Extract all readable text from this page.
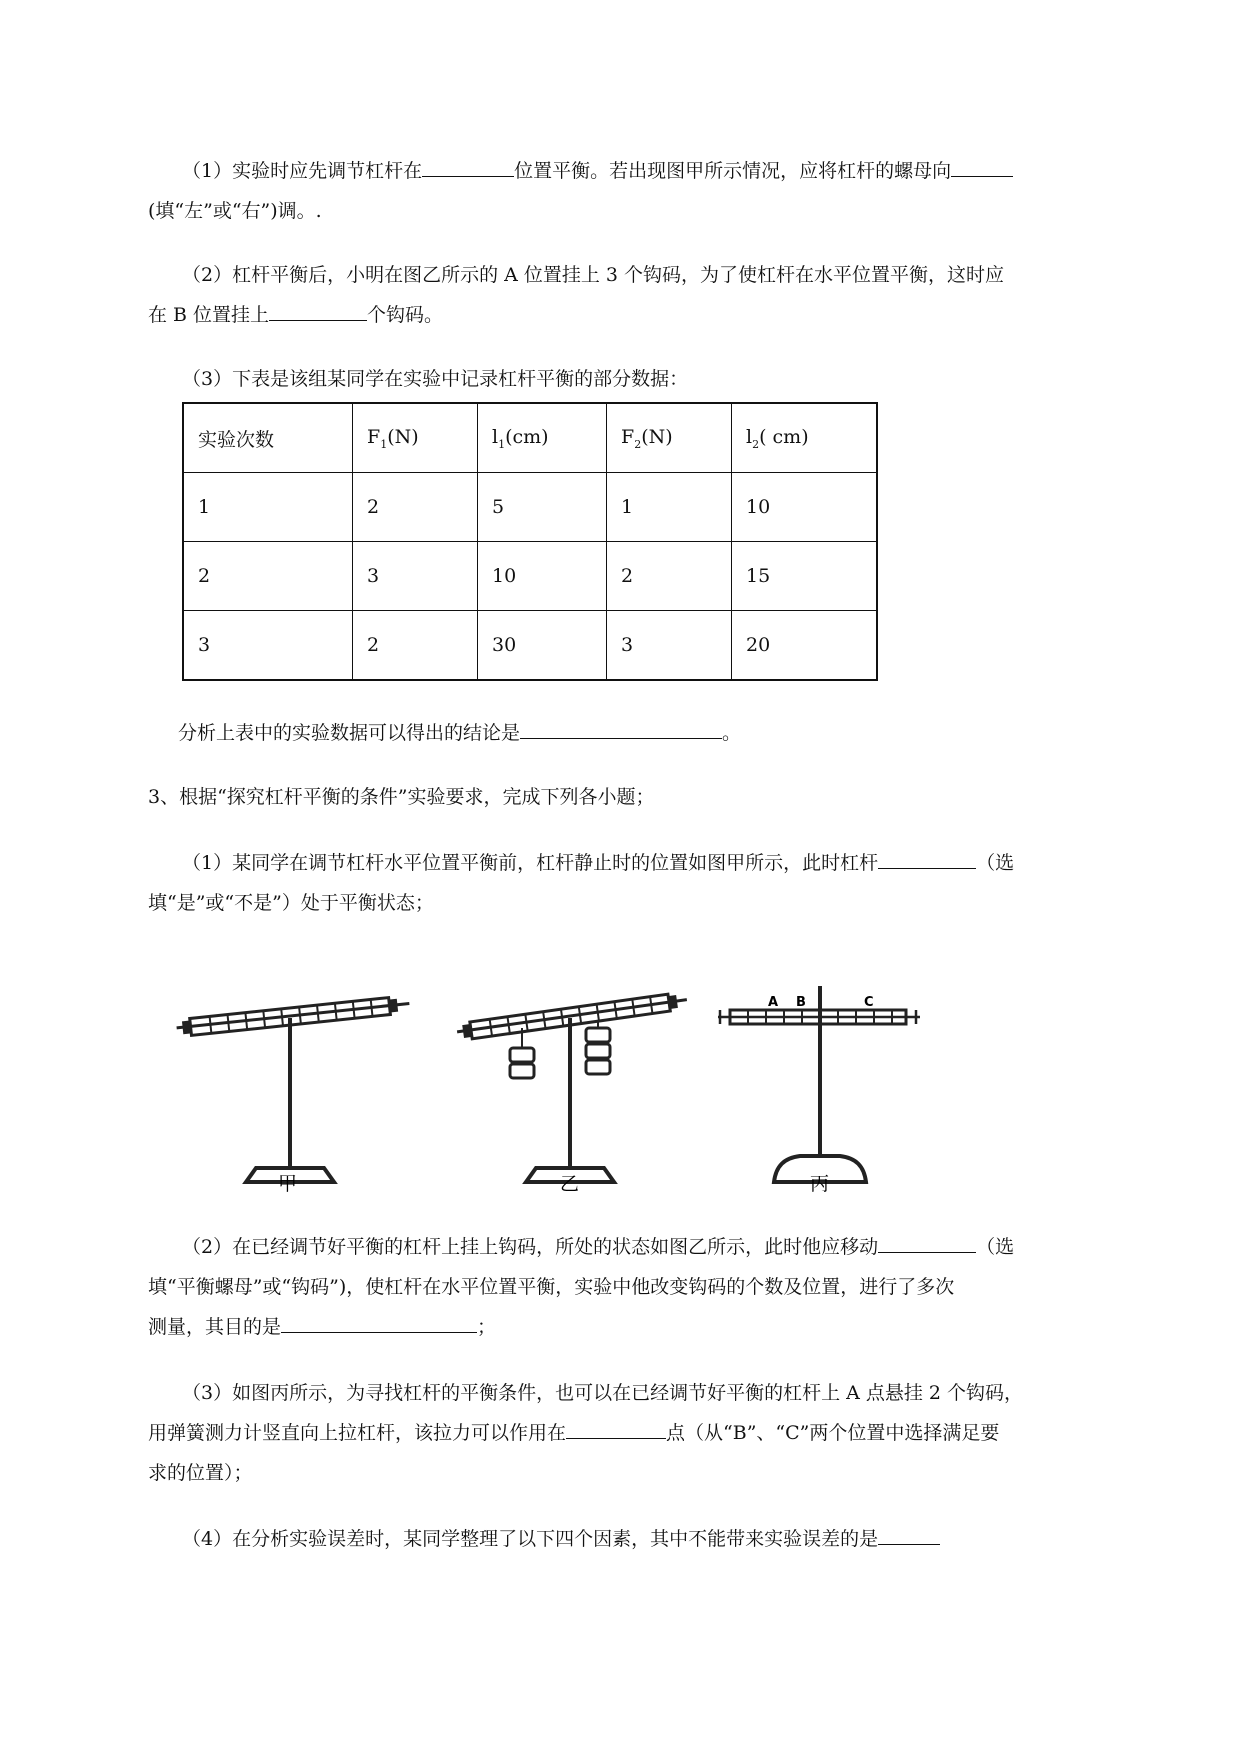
（1）实验时应先调节杠杆在	位置平衡。若出现图甲所示情况，应将杠杆的螺母向
(填“左”或“右”)调。.
（2）杠杆平衡后，小明在图乙所示的 A 位置挂上 3 个钩码，为了使杠杆在水平位置平衡，这时应
在 B 位置挂上	个钩码。
（3）下表是该组某同学在实验中记录杠杆平衡的部分数据：
实验次数	$F_1(N)$	$l_1(cm)$	$F_2(N)$	$l_2$( cm)
1	2	5	1	10
2	3	10	2	15
3	2	30	3	20
分析上表中的实验数据可以得出的结论是	。
3、根据“探究杠杆平衡的条件”实验要求，完成下列各小题；
（1）某同学在调节杠杆水平位置平衡前，杠杆静止时的位置如图甲所示，此时杠杆	（选
填“是”或“不是”）处于平衡状态；
甲	乙
A B	C
丙
（2）在已经调节好平衡的杠杆上挂上钩码，所处的状态如图乙所示，此时他应移动	（选
填“平衡螺母”或“钩码”)，使杠杆在水平位置平衡，实验中他改变钩码的个数及位置，进行了多次
测量，其目的是	；
（3）如图丙所示，为寻找杠杆的平衡条件，也可以在已经调节好平衡的杠杆上 A 点悬挂 2 个钩码，
用弹簧测力计竖直向上拉杠杆，该拉力可以作用在	点（从“B”、“C”两个位置中选择满足要
求的位置）；
（4）在分析实验误差时，某同学整理了以下四个因素，其中不能带来实验误差的是
